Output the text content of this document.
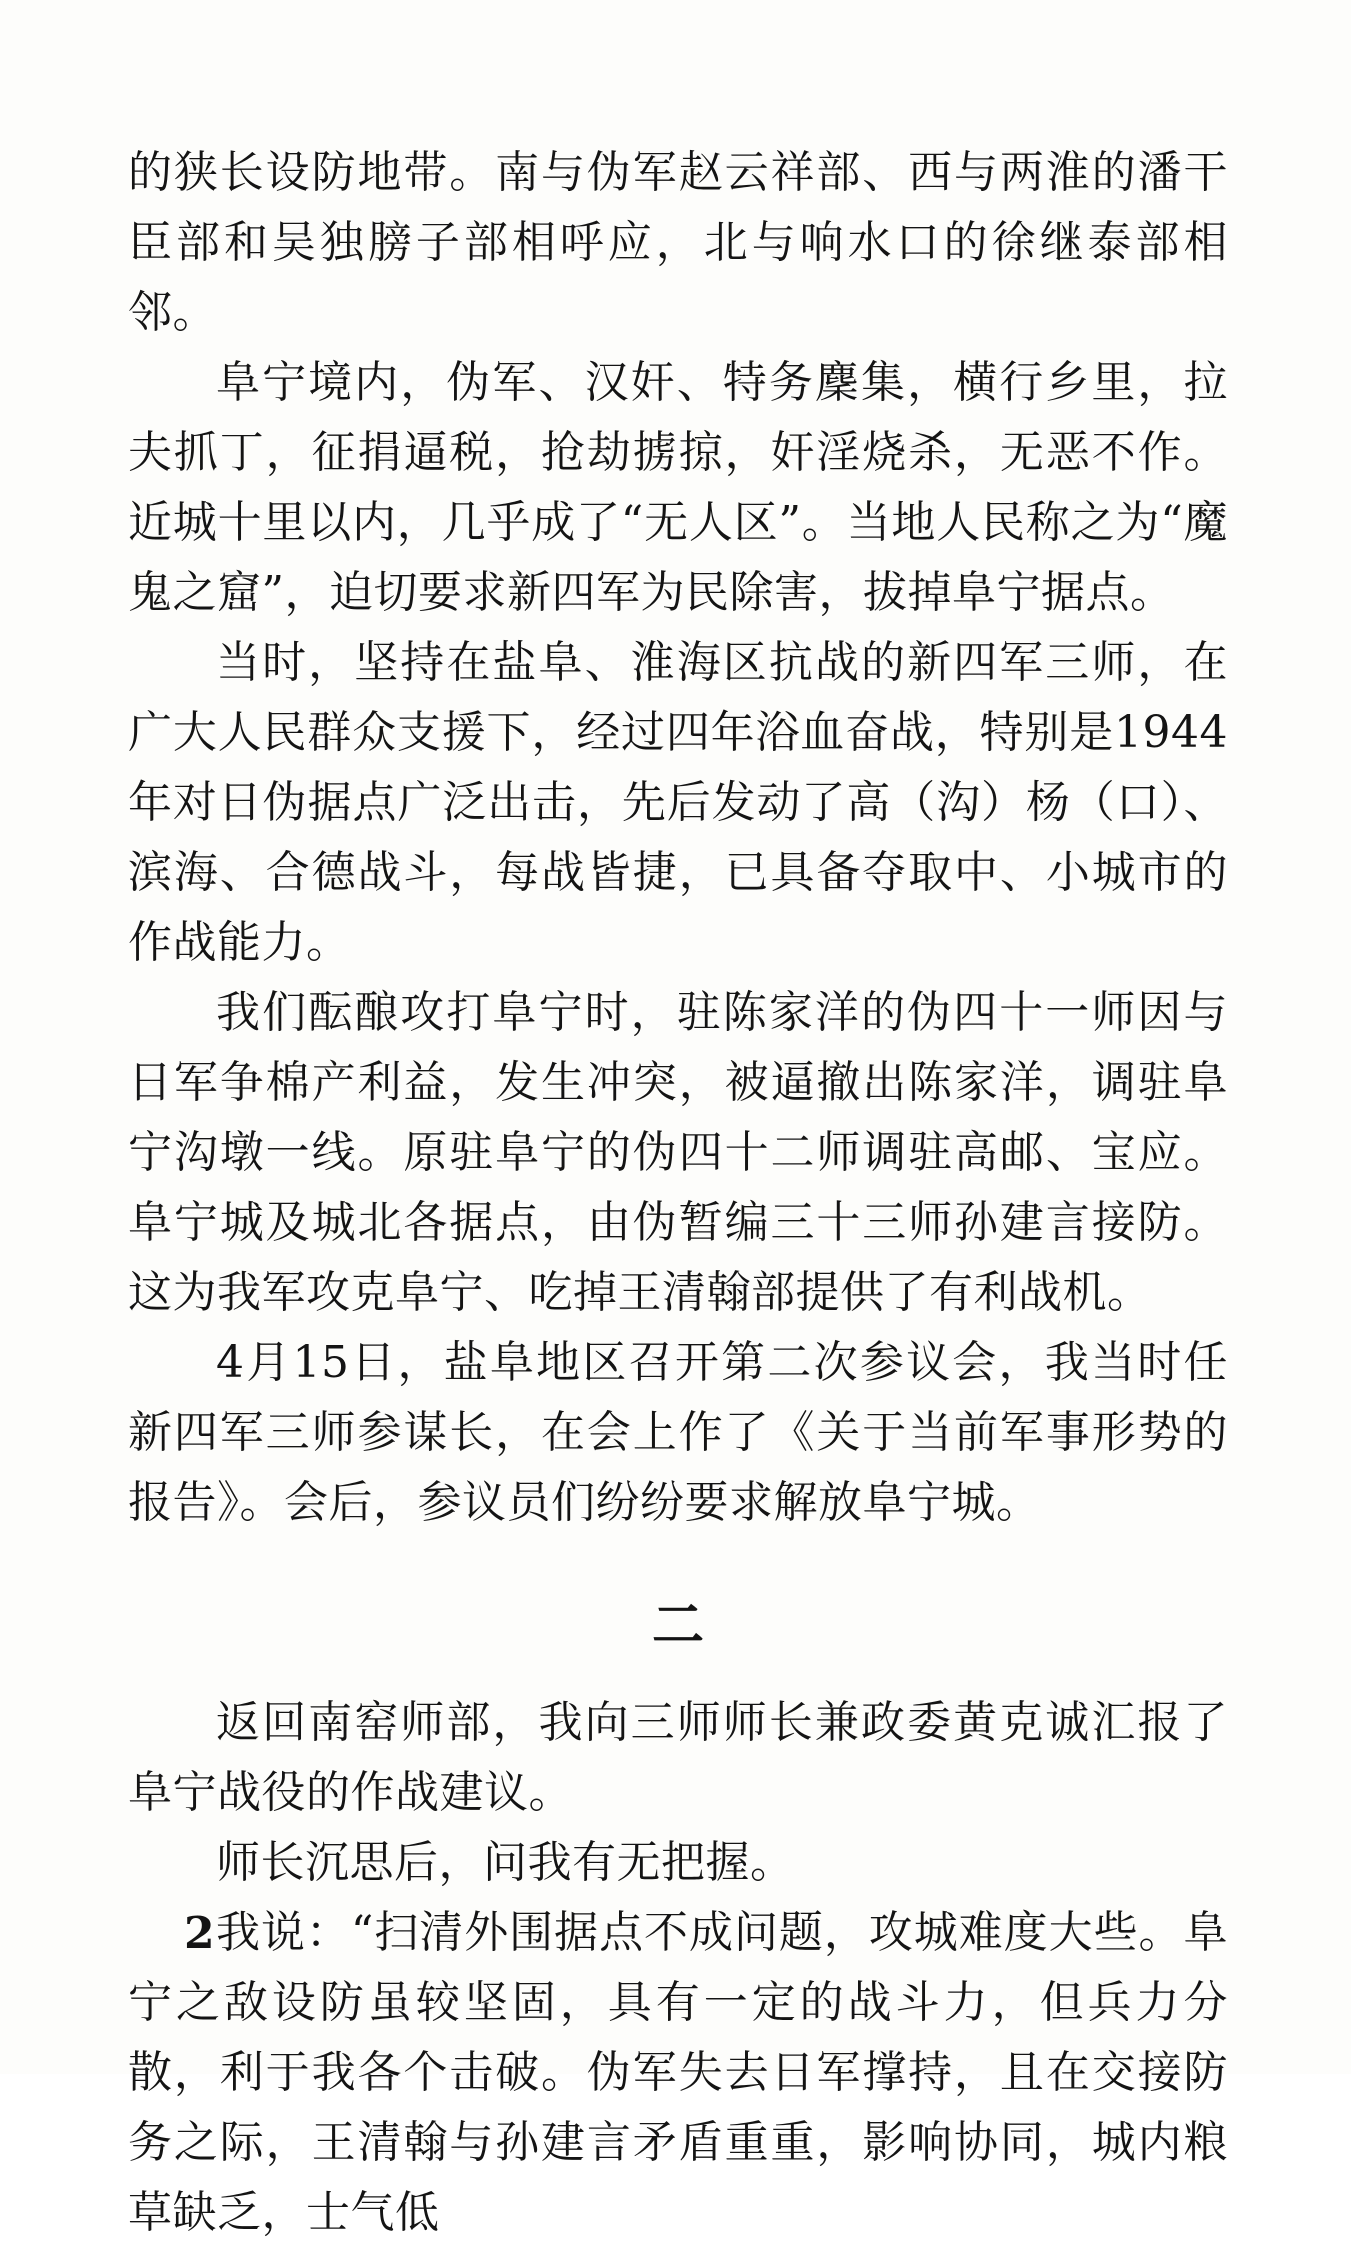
的狭长设防地带。南与伪军赵云祥部、西与两淮的潘干臣部和吴独膀子部相呼应，北与响水口的徐继泰部相邻。

阜宁境内，伪军、汉奸、特务麇集，横行乡里，拉夫抓丁，征捐逼税，抢劫掳掠，奸淫烧杀，无恶不作。近城十里以内，几乎成了“无人区”。当地人民称之为“魔鬼之窟”，迫切要求新四军为民除害，拔掉阜宁据点。

当时，坚持在盐阜、淮海区抗战的新四军三师，在广大人民群众支援下，经过四年浴血奋战，特别是1944年对日伪据点广泛出击，先后发动了高（沟）杨（口）、滨海、合德战斗，每战皆捷，已具备夺取中、小城市的作战能力。

我们酝酿攻打阜宁时，驻陈家洋的伪四十一师因与日军争棉产利益，发生冲突，被逼撤出陈家洋，调驻阜宁沟墩一线。原驻阜宁的伪四十二师调驻高邮、宝应。阜宁城及城北各据点，由伪暂编三十三师孙建言接防。这为我军攻克阜宁、吃掉王清翰部提供了有利战机。

4月15日，盐阜地区召开第二次参议会，我当时任新四军三师参谋长，在会上作了《关于当前军事形势的报告》。会后，参议员们纷纷要求解放阜宁城。

二

返回南窑师部，我向三师师长兼政委黄克诚汇报了阜宁战役的作战建议。

师长沉思后，问我有无把握。

我说：“扫清外围据点不成问题，攻城难度大些。阜宁之敌设防虽较坚固，具有一定的战斗力，但兵力分散，利于我各个击破。伪军失去日军撑持，且在交接防务之际，王清翰与孙建言矛盾重重，影响协同，城内粮草缺乏，士气低

2
